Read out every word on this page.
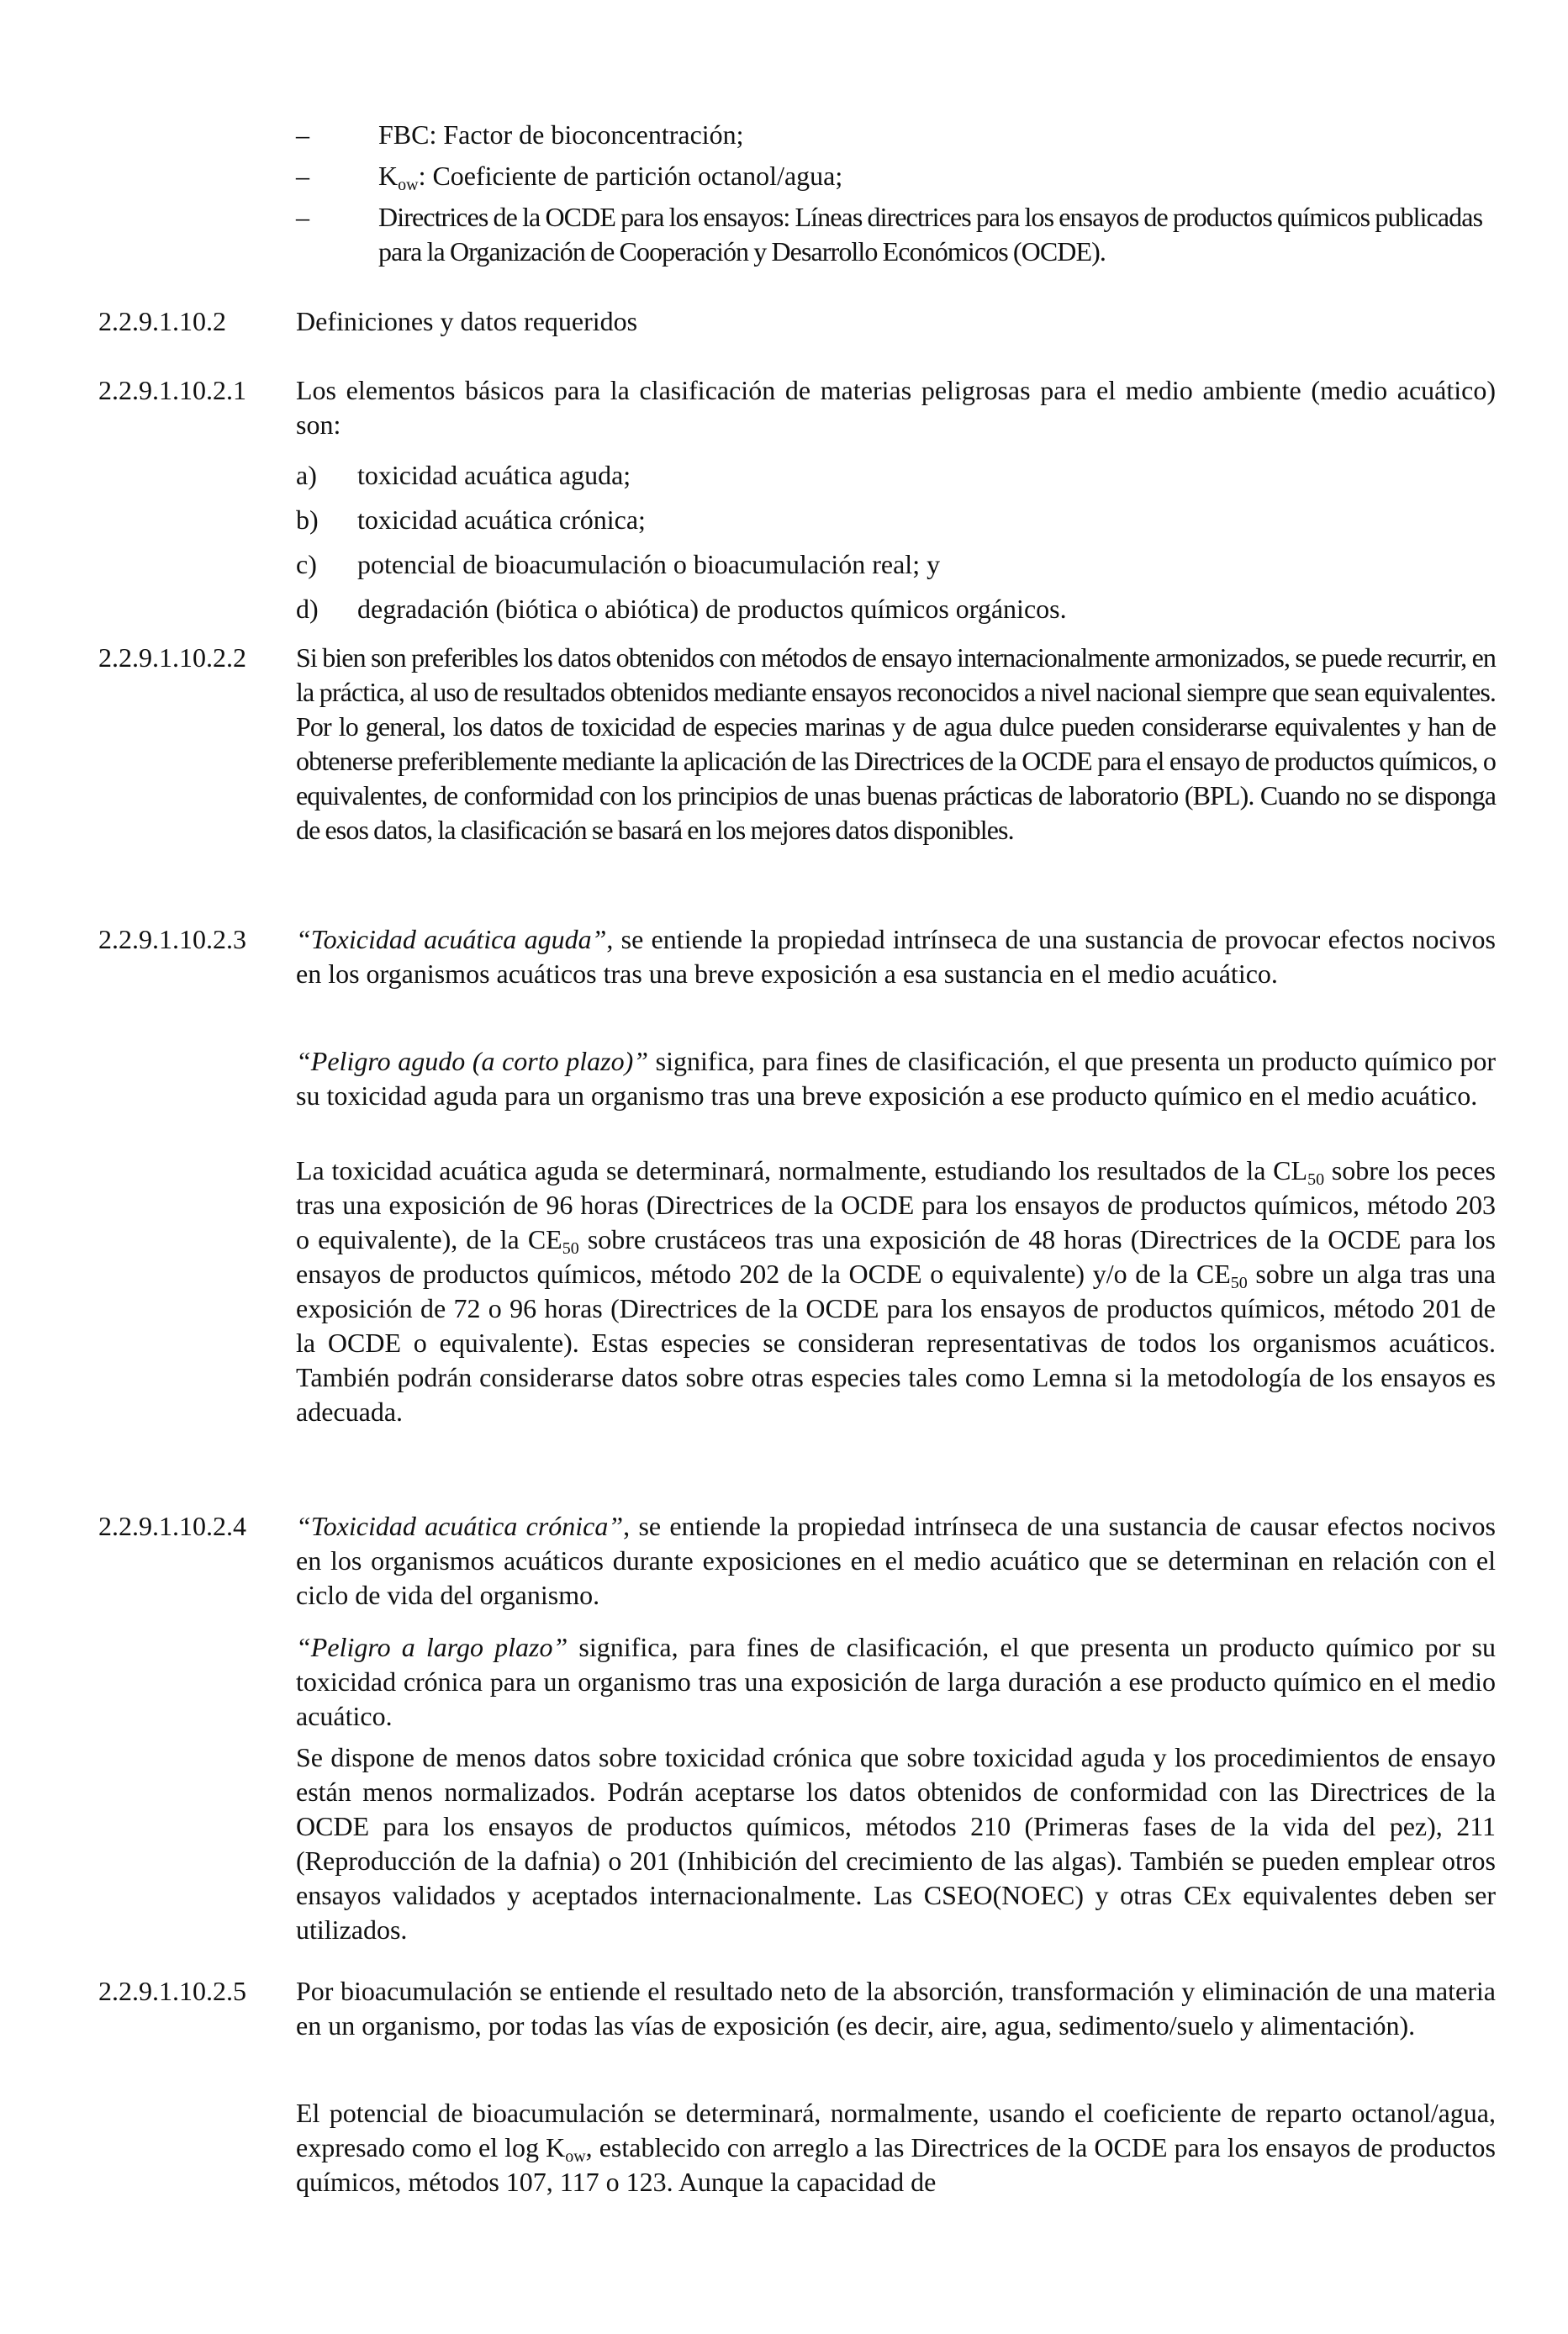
–	FBC: Factor de bioconcentración;
–	$K_{ow}$: Coeficiente de partición octanol/agua;
–	Directrices de la OCDE para los ensayos: Líneas directrices para los ensayos de productos químicos publicadas para la Organización de Cooperación y Desarrollo Económicos (OCDE).
2.2.9.1.10.2	Definiciones y datos requeridos
2.2.9.1.10.2.1 Los elementos básicos para la clasificación de materias peligrosas para el medio ambiente (medio acuático) son:
a) toxicidad acuática aguda;
b) toxicidad acuática crónica;
c) potencial de bioacumulación o bioacumulación real; y
d) degradación (biótica o abiótica) de productos químicos orgánicos.
2.2.9.1.10.2.2 Si bien son preferibles los datos obtenidos con métodos de ensayo internacionalmente armonizados, se puede recurrir, en la práctica, al uso de resultados obtenidos mediante ensayos reconocidos a nivel nacional siempre que sean equivalentes. Por lo general, los datos de toxicidad de especies marinas y de agua dulce pueden considerarse equivalentes y han de obtenerse preferiblemente mediante la aplicación de las Directrices de la OCDE para el ensayo de productos químicos, o equivalentes, de conformidad con los principios de unas buenas prácticas de laboratorio (BPL). Cuando no se disponga de esos datos, la clasificación se basará en los mejores datos disponibles.
2.2.9.1.10.2.3 “Toxicidad acuática aguda”, se entiende la propiedad intrínseca de una sustancia de provocar efectos nocivos en los organismos acuáticos tras una breve exposición a esa sustancia en el medio acuático.
“Peligro agudo (a corto plazo)” significa, para fines de clasificación, el que presenta un producto químico por su toxicidad aguda para un organismo tras una breve exposición a ese producto químico en el medio acuático.
La toxicidad acuática aguda se determinará, normalmente, estudiando los resultados de la $CL_{50}$ sobre los peces tras una exposición de 96 horas (Directrices de la OCDE para los ensayos de productos químicos, método 203 o equivalente), de la $CE_{50}$ sobre crustáceos tras una exposición de 48 horas (Directrices de la OCDE para los ensayos de productos químicos, método 202 de la OCDE o equivalente) y/o de la $CE_{50}$ sobre un alga tras una exposición de 72 o 96 horas (Directrices de la OCDE para los ensayos de productos químicos, método 201 de la OCDE o equivalente). Estas especies se consideran representativas de todos los organismos acuáticos. También podrán considerarse datos sobre otras especies tales como Lemna si la metodología de los ensayos es adecuada.
2.2.9.1.10.2.4 “Toxicidad acuática crónica”, se entiende la propiedad intrínseca de una sustancia de causar efectos nocivos en los organismos acuáticos durante exposiciones en el medio acuático que se determinan en relación con el ciclo de vida del organismo.
“Peligro a largo plazo” significa, para fines de clasificación, el que presenta un producto químico por su toxicidad crónica para un organismo tras una exposición de larga duración a ese producto químico en el medio acuático.
Se dispone de menos datos sobre toxicidad crónica que sobre toxicidad aguda y los procedimientos de ensayo están menos normalizados. Podrán aceptarse los datos obtenidos de conformidad con las Directrices de la OCDE para los ensayos de productos químicos, métodos 210 (Primeras fases de la vida del pez), 211 (Reproducción de la dafnia) o 201 (Inhibición del crecimiento de las algas). También se pueden emplear otros ensayos validados y aceptados internacionalmente. Las CSEO(NOEC) y otras CEx equivalentes deben ser utilizados.
2.2.9.1.10.2.5 Por bioacumulación se entiende el resultado neto de la absorción, transformación y eliminación de una materia en un organismo, por todas las vías de exposición (es decir, aire, agua, sedimento/suelo y alimentación).
El potencial de bioacumulación se determinará, normalmente, usando el coeficiente de reparto octanol/agua, expresado como el $\log K_{ow}$, establecido con arreglo a las Directrices de la OCDE para los ensayos de productos químicos, métodos 107, 117 o 123. Aunque la capacidad de
